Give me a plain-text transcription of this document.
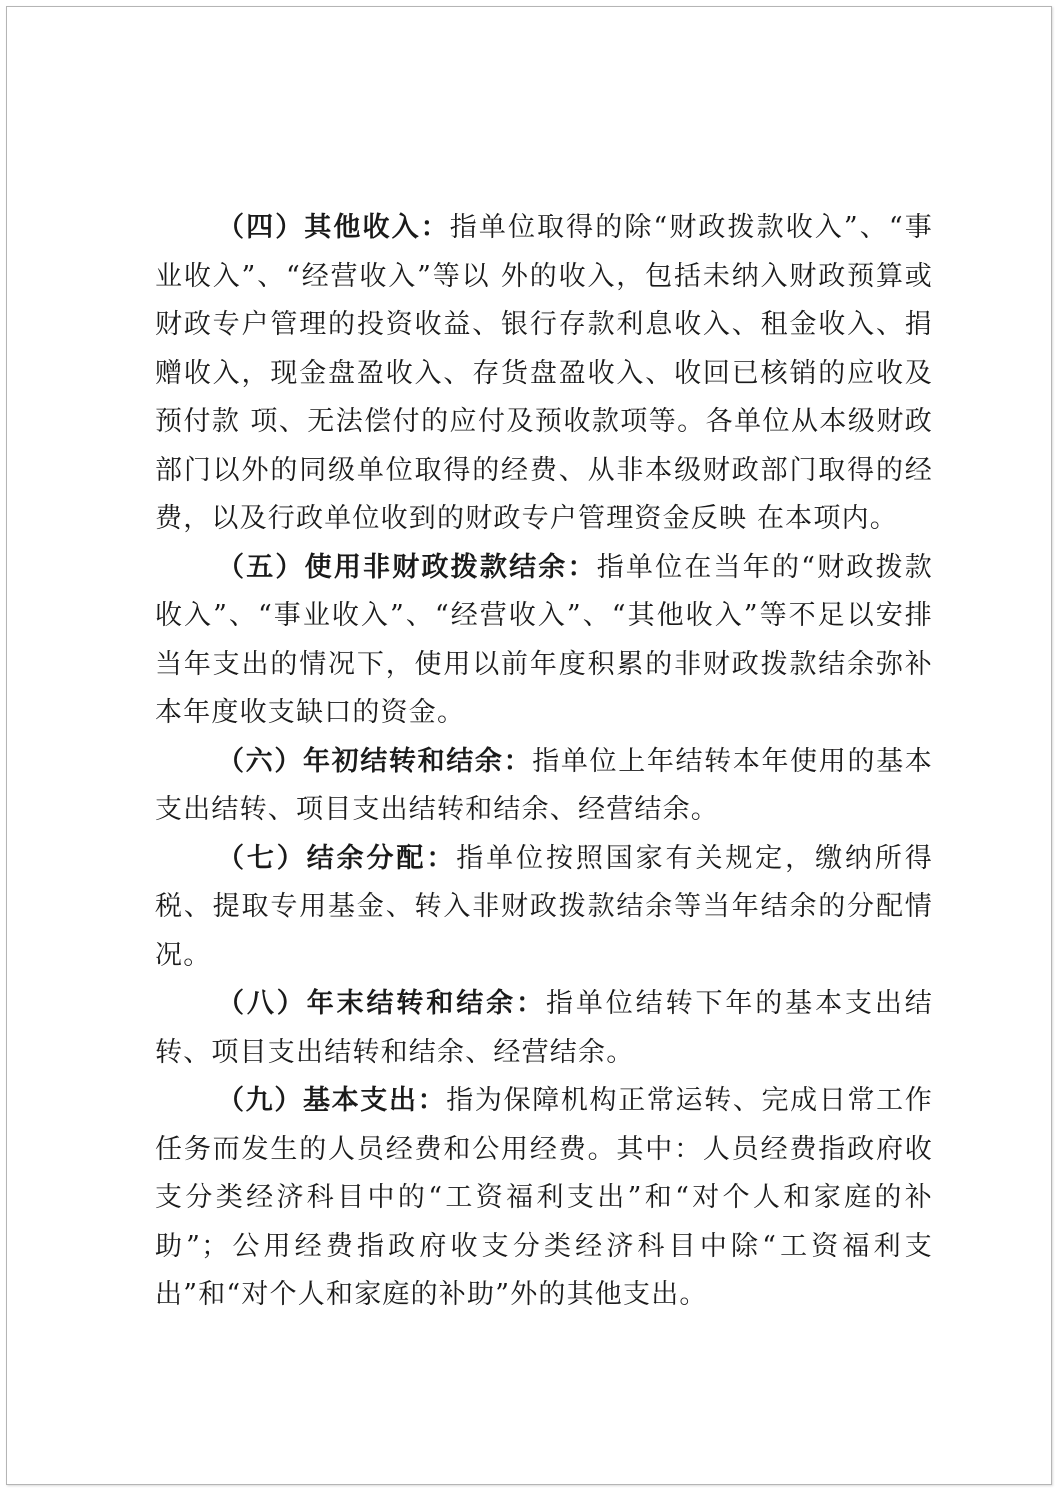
（四）其他收入：指单位取得的除“财政拨款收入”、“事业收入”、“经营收入”等以 外的收入，包括未纳入财政预算或财政专户管理的投资收益、银行存款利息收入、租金收入、捐赠收入，现金盘盈收入、存货盘盈收入、收回已核销的应收及预付款 项、无法偿付的应付及预收款项等。各单位从本级财政部门以外的同级单位取得的经费、从非本级财政部门取得的经费，以及行政单位收到的财政专户管理资金反映 在本项内。

（五）使用非财政拨款结余：指单位在当年的“财政拨款收入”、“事业收入”、“经营收入”、“其他收入”等不足以安排当年支出的情况下，使用以前年度积累的非财政拨款结余弥补本年度收支缺口的资金。

（六）年初结转和结余：指单位上年结转本年使用的基本支出结转、项目支出结转和结余、经营结余。

（七）结余分配：指单位按照国家有关规定，缴纳所得税、提取专用基金、转入非财政拨款结余等当年结余的分配情况。

（八）年末结转和结余：指单位结转下年的基本支出结转、项目支出结转和结余、经营结余。

（九）基本支出：指为保障机构正常运转、完成日常工作任务而发生的人员经费和公用经费。其中：人员经费指政府收支分类经济科目中的“工资福利支出”和“对个人和家庭的补助”；公用经费指政府收支分类经济科目中除“工资福利支出”和“对个人和家庭的补助”外的其他支出。
